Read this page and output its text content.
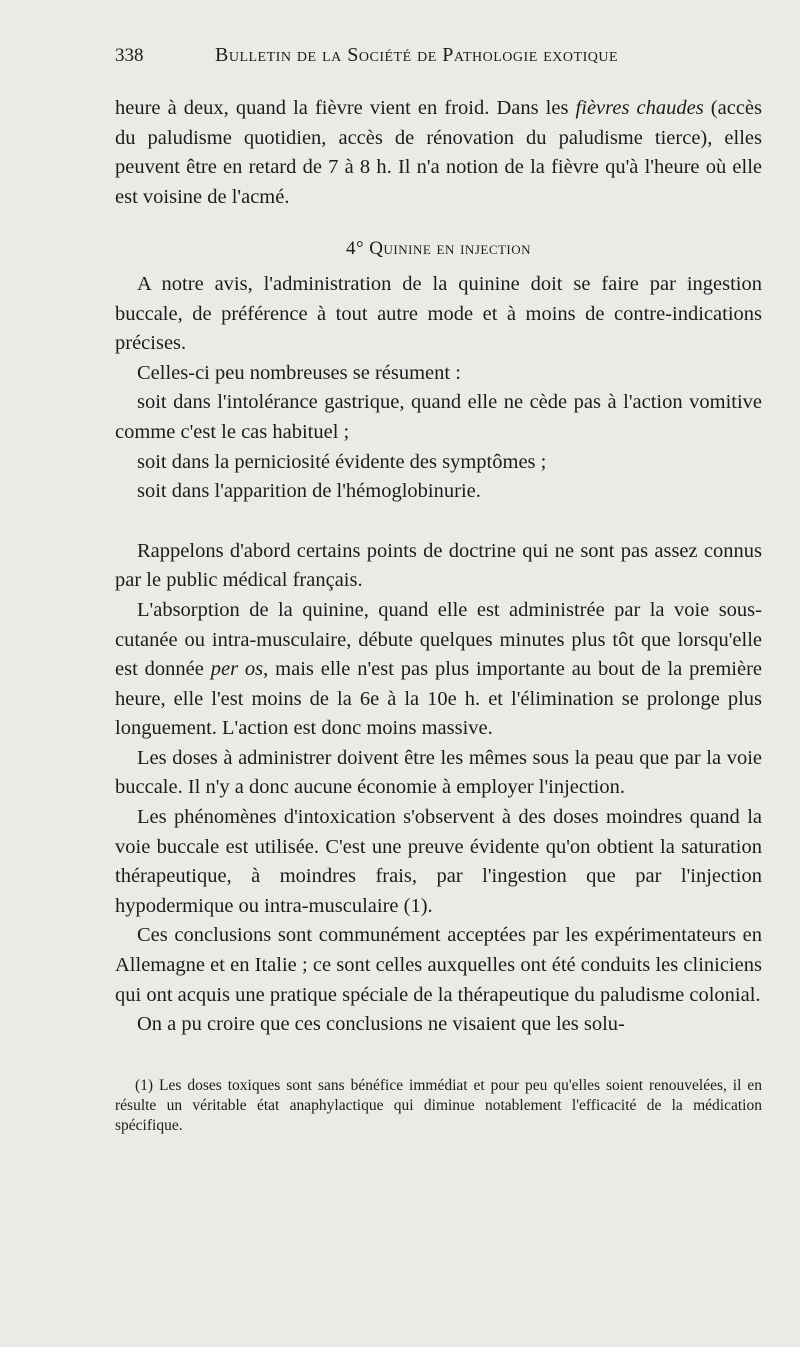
338	Bulletin de la Société de Pathologie exotique

heure à deux, quand la fièvre vient en froid. Dans les fièvres chaudes (accès du paludisme quotidien, accès de rénovation du paludisme tierce), elles peuvent être en retard de 7 à 8 h. Il n'a notion de la fièvre qu'à l'heure où elle est voisine de l'acmé.

4° Quinine en injection

A notre avis, l'administration de la quinine doit se faire par ingestion buccale, de préférence à tout autre mode et à moins de contre-indications précises.

Celles-ci peu nombreuses se résument :

soit dans l'intolérance gastrique, quand elle ne cède pas à l'action vomitive comme c'est le cas habituel ;

soit dans la perniciosité évidente des symptômes ;

soit dans l'apparition de l'hémoglobinurie.

Rappelons d'abord certains points de doctrine qui ne sont pas assez connus par le public médical français.

L'absorption de la quinine, quand elle est administrée par la voie sous-cutanée ou intra-musculaire, débute quelques minutes plus tôt que lorsqu'elle est donnée per os, mais elle n'est pas plus importante au bout de la première heure, elle l'est moins de la 6e à la 10e h. et l'élimination se prolonge plus longuement. L'action est donc moins massive.

Les doses à administrer doivent être les mêmes sous la peau que par la voie buccale. Il n'y a donc aucune économie à employer l'injection.

Les phénomènes d'intoxication s'observent à des doses moindres quand la voie buccale est utilisée. C'est une preuve évidente qu'on obtient la saturation thérapeutique, à moindres frais, par l'ingestion que par l'injection hypodermique ou intra-musculaire (1).

Ces conclusions sont communément acceptées par les expérimentateurs en Allemagne et en Italie ; ce sont celles auxquelles ont été conduits les cliniciens qui ont acquis une pratique spéciale de la thérapeutique du paludisme colonial.

On a pu croire que ces conclusions ne visaient que les solu-

(1) Les doses toxiques sont sans bénéfice immédiat et pour peu qu'elles soient renouvelées, il en résulte un véritable état anaphylactique qui diminue notablement l'efficacité de la médication spécifique.
